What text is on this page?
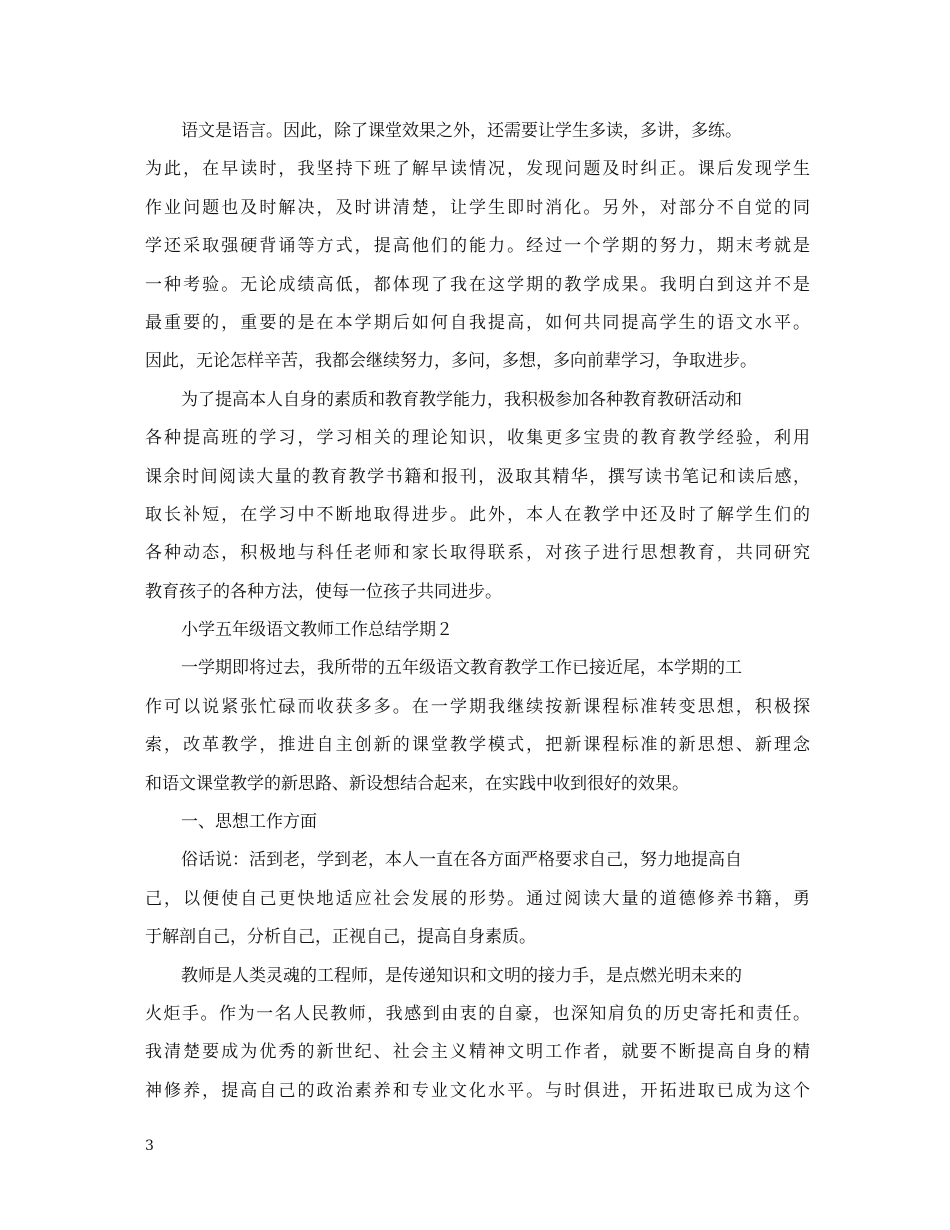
语文是语言。因此，除了课堂效果之外，还需要让学生多读，多讲，多练。
为此，在早读时，我坚持下班了解早读情况，发现问题及时纠正。课后发现学生
作业问题也及时解决，及时讲清楚，让学生即时消化。另外，对部分不自觉的同
学还采取强硬背诵等方式，提高他们的能力。经过一个学期的努力，期末考就是
一种考验。无论成绩高低，都体现了我在这学期的教学成果。我明白到这并不是
最重要的，重要的是在本学期后如何自我提高，如何共同提高学生的语文水平。
因此，无论怎样辛苦，我都会继续努力，多问，多想，多向前辈学习，争取进步。
为了提高本人自身的素质和教育教学能力，我积极参加各种教育教研活动和
各种提高班的学习，学习相关的理论知识，收集更多宝贵的教育教学经验，利用
课余时间阅读大量的教育教学书籍和报刊，汲取其精华，撰写读书笔记和读后感，
取长补短，在学习中不断地取得进步。此外，本人在教学中还及时了解学生们的
各种动态，积极地与科任老师和家长取得联系，对孩子进行思想教育，共同研究
教育孩子的各种方法，使每一位孩子共同进步。
小学五年级语文教师工作总结学期２
一学期即将过去，我所带的五年级语文教育教学工作已接近尾，本学期的工
作可以说紧张忙碌而收获多多。在一学期我继续按新课程标准转变思想，积极探
索，改革教学，推进自主创新的课堂教学模式，把新课程标准的新思想、新理念
和语文课堂教学的新思路、新设想结合起来，在实践中收到很好的效果。
一、思想工作方面
俗话说：活到老，学到老，本人一直在各方面严格要求自己，努力地提高自
己，以便使自己更快地适应社会发展的形势。通过阅读大量的道德修养书籍，勇
于解剖自己，分析自己，正视自己，提高自身素质。
教师是人类灵魂的工程师，是传递知识和文明的接力手，是点燃光明未来的
火炬手。作为一名人民教师，我感到由衷的自豪，也深知肩负的历史寄托和责任。
我清楚要成为优秀的新世纪、社会主义精神文明工作者，就要不断提高自身的精
神修养，提高自己的政治素养和专业文化水平。与时俱进，开拓进取已成为这个
3
